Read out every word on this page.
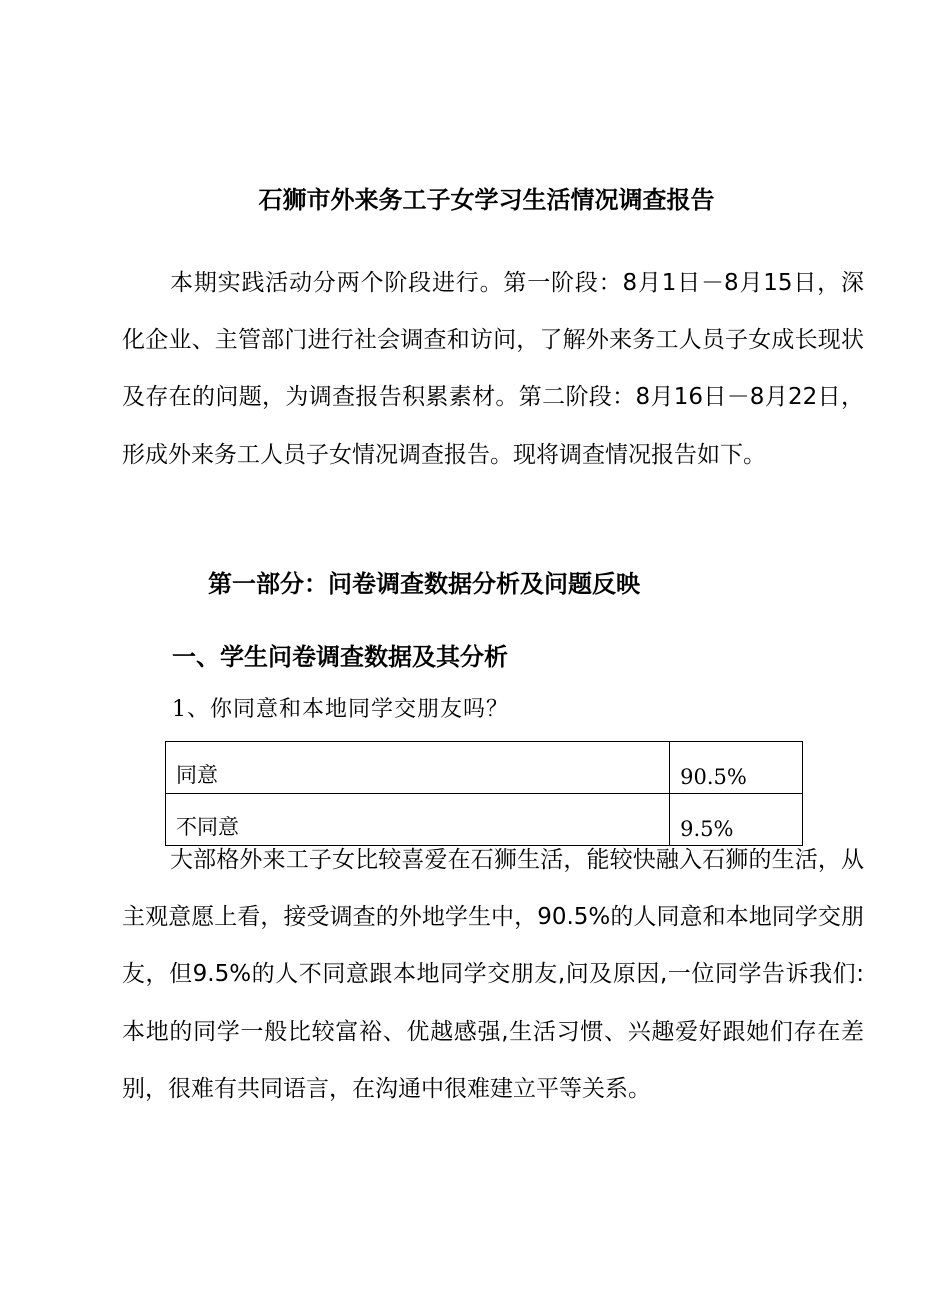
石狮市外来务工子女学习生活情况调查报告

本期实践活动分两个阶段进行。第一阶段：8月1日－8月15日，深化企业、主管部门进行社会调查和访问，了解外来务工人员子女成长现状及存在的问题，为调查报告积累素材。第二阶段：8月16日－8月22日，形成外来务工人员子女情况调查报告。现将调查情况报告如下。

第一部分：问卷调查数据分析及问题反映
一、学生问卷调查数据及其分析
1、你同意和本地同学交朋友吗？
同意	90.5%
不同意	9.5%

大部格外来工子女比较喜爱在石狮生活，能较快融入石狮的生活，从主观意愿上看，接受调查的外地学生中，90.5%的人同意和本地同学交朋友，但9.5%的人不同意跟本地同学交朋友,问及原因,一位同学告诉我们:本地的同学一般比较富裕、优越感强,生活习惯、兴趣爱好跟她们存在差别，很难有共同语言，在沟通中很难建立平等关系。
